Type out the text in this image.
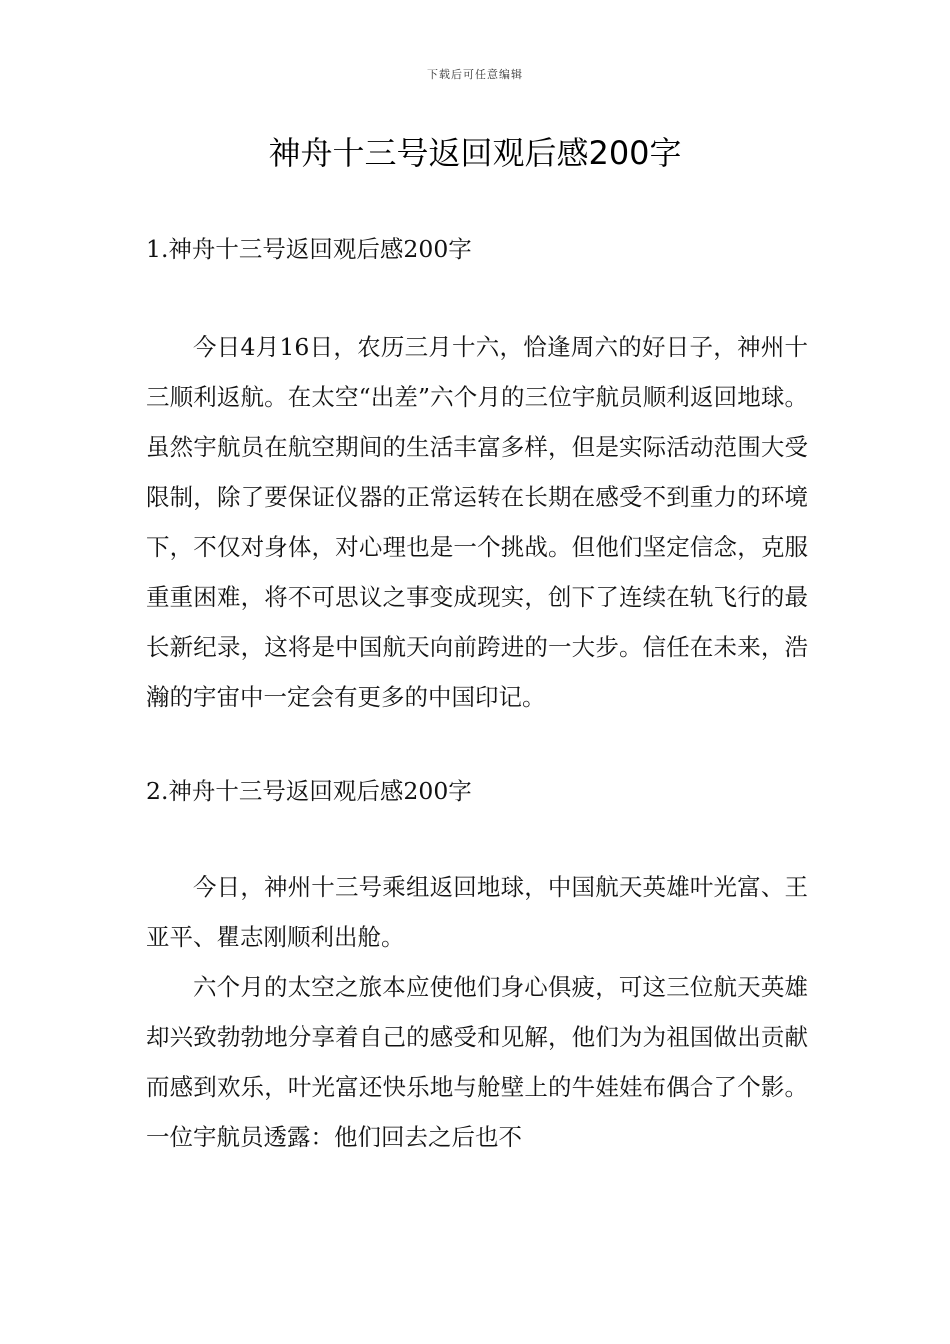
下载后可任意编辑
神舟十三号返回观后感200字
1.神舟十三号返回观后感200字

今日4月16日，农历三月十六，恰逢周六的好日子，神州十三顺利返航。在太空“出差”六个月的三位宇航员顺利返回地球。虽然宇航员在航空期间的生活丰富多样，但是实际活动范围大受限制，除了要保证仪器的正常运转在长期在感受不到重力的环境下，不仅对身体，对心理也是一个挑战。但他们坚定信念，克服重重困难，将不可思议之事变成现实，创下了连续在轨飞行的最长新纪录，这将是中国航天向前跨进的一大步。信任在未来，浩瀚的宇宙中一定会有更多的中国印记。

2.神舟十三号返回观后感200字

今日，神州十三号乘组返回地球，中国航天英雄叶光富、王亚平、瞿志刚顺利出舱。

六个月的太空之旅本应使他们身心俱疲，可这三位航天英雄却兴致勃勃地分享着自己的感受和见解，他们为为祖国做出贡献而感到欢乐，叶光富还快乐地与舱壁上的牛娃娃布偶合了个影。一位宇航员透露：他们回去之后也不
